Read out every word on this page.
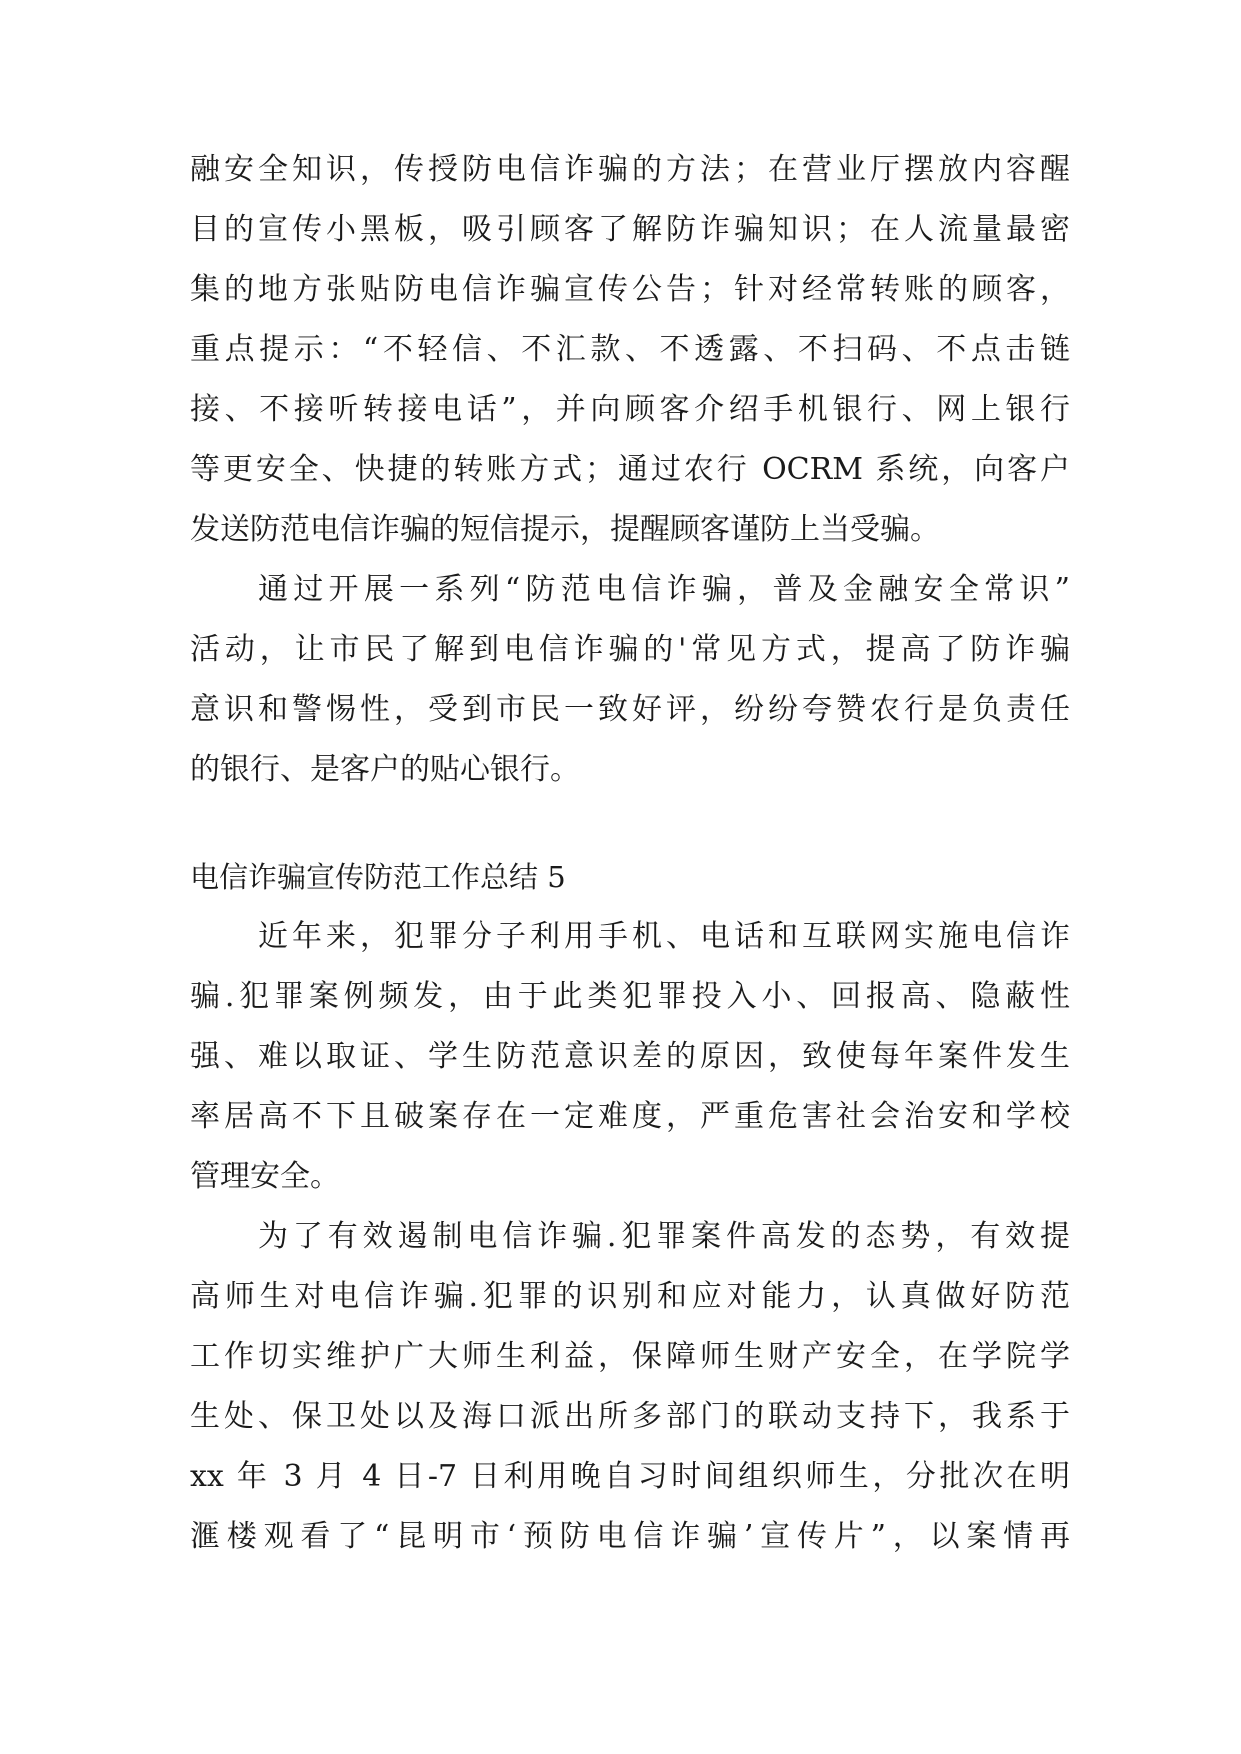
融安全知识，传授防电信诈骗的方法；在营业厅摆放内容醒
目的宣传小黑板，吸引顾客了解防诈骗知识；在人流量最密
集的地方张贴防电信诈骗宣传公告；针对经常转账的顾客，
重点提示：“不轻信、不汇款、不透露、不扫码、不点击链
接、不接听转接电话”，并向顾客介绍手机银行、网上银行
等更安全、快捷的转账方式；通过农行 OCRM 系统，向客户
发送防范电信诈骗的短信提示，提醒顾客谨防上当受骗。
通过开展一系列“防范电信诈骗，普及金融安全常识”
活动，让市民了解到电信诈骗的'常见方式，提高了防诈骗
意识和警惕性，受到市民一致好评，纷纷夸赞农行是负责任
的银行、是客户的贴心银行。
电信诈骗宣传防范工作总结 5
近年来，犯罪分子利用手机、电话和互联网实施电信诈
骗.犯罪案例频发，由于此类犯罪投入小、回报高、隐蔽性
强、难以取证、学生防范意识差的原因，致使每年案件发生
率居高不下且破案存在一定难度，严重危害社会治安和学校
管理安全。
为了有效遏制电信诈骗.犯罪案件高发的态势，有效提
高师生对电信诈骗.犯罪的识别和应对能力，认真做好防范
工作切实维护广大师生利益，保障师生财产安全，在学院学
生处、保卫处以及海口派出所多部门的联动支持下，我系于
xx 年 3 月 4 日-7 日利用晚自习时间组织师生，分批次在明
滙楼观看了“昆明市‘预防电信诈骗’宣传片”，以案情再
